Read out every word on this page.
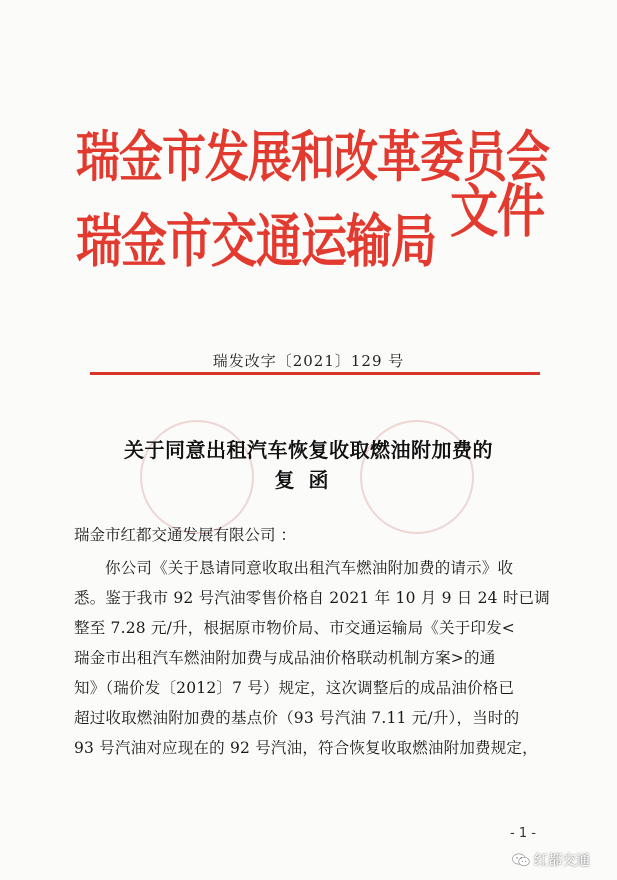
瑞金市发展和改革委员会
瑞金市交通运输局 文件
瑞发改字〔2021〕129 号
关于同意出租汽车恢复收取燃油附加费的
复函
瑞金市红都交通发展有限公司 ：
你公司《关于恳请同意收取出租汽车燃油附加费的请示》收
悉。鉴于我市 92 号汽油零售价格自 2021 年 10 月 9 日 24 时已调
整至 7.28 元/升，根据原市物价局、市交通运输局《关于印发<
瑞金市出租汽车燃油附加费与成品油价格联动机制方案>的通
知》（瑞价发〔2012〕7 号）规定，这次调整后的成品油价格已
超过收取燃油附加费的基点价（93 号汽油 7.11 元/升），当时的
93 号汽油对应现在的 92 号汽油，符合恢复收取燃油附加费规定，
- 1 -
红都交通
